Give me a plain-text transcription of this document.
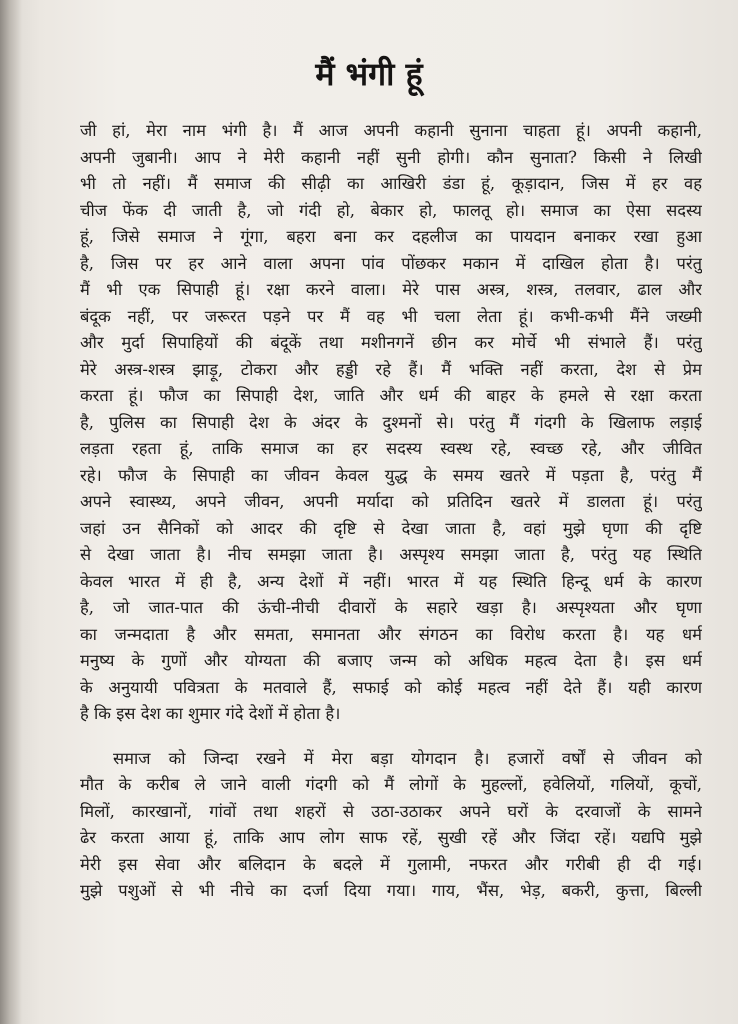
मैं भंगी हूं
जी हां, मेरा नाम भंगी है। मैं आज अपनी कहानी सुनाना चाहता हूं। अपनी कहानी,
अपनी जुबानी। आप ने मेरी कहानी नहीं सुनी होगी। कौन सुनाता? किसी ने लिखी
भी तो नहीं। मैं समाज की सीढ़ी का आखिरी डंडा हूं, कूड़ादान, जिस में हर वह
चीज फेंक दी जाती है, जो गंदी हो, बेकार हो, फालतू हो। समाज का ऐसा सदस्य
हूं, जिसे समाज ने गूंगा, बहरा बना कर दहलीज का पायदान बनाकर रखा हुआ
है, जिस पर हर आने वाला अपना पांव पोंछकर मकान में दाखिल होता है। परंतु
मैं भी एक सिपाही हूं। रक्षा करने वाला। मेरे पास अस्त्र, शस्त्र, तलवार, ढाल और
बंदूक नहीं, पर जरूरत पड़ने पर मैं वह भी चला लेता हूं। कभी-कभी मैंने जख्मी
और मुर्दा सिपाहियों की बंदूकें तथा मशीनगनें छीन कर मोर्चे भी संभाले हैं। परंतु
मेरे अस्त्र-शस्त्र झाड़ू, टोकरा और हड्डी रहे हैं। मैं भक्ति नहीं करता, देश से प्रेम
करता हूं। फौज का सिपाही देश, जाति और धर्म की बाहर के हमले से रक्षा करता
है, पुलिस का सिपाही देश के अंदर के दुश्मनों से। परंतु मैं गंदगी के खिलाफ लड़ाई
लड़ता रहता हूं, ताकि समाज का हर सदस्य स्वस्थ रहे, स्वच्छ रहे, और जीवित
रहे। फौज के सिपाही का जीवन केवल युद्ध के समय खतरे में पड़ता है, परंतु मैं
अपने स्वास्थ्य, अपने जीवन, अपनी मर्यादा को प्रतिदिन खतरे में डालता हूं। परंतु
जहां उन सैनिकों को आदर की दृष्टि से देखा जाता है, वहां मुझे घृणा की दृष्टि
से देखा जाता है। नीच समझा जाता है। अस्पृश्य समझा जाता है, परंतु यह स्थिति
केवल भारत में ही है, अन्य देशों में नहीं। भारत में यह स्थिति हिन्दू धर्म के कारण
है, जो जात-पात की ऊंची-नीची दीवारों के सहारे खड़ा है। अस्पृश्यता और घृणा
का जन्मदाता है और समता, समानता और संगठन का विरोध करता है। यह धर्म
मनुष्य के गुणों और योग्यता की बजाए जन्म को अधिक महत्व देता है। इस धर्म
के अनुयायी पवित्रता के मतवाले हैं, सफाई को कोई महत्व नहीं देते हैं। यही कारण
है कि इस देश का शुमार गंदे देशों में होता है।
  समाज को जिन्दा रखने में मेरा बड़ा योगदान है। हजारों वर्षों से जीवन को
मौत के करीब ले जाने वाली गंदगी को मैं लोगों के मुहल्लों, हवेलियों, गलियों, कूचों,
मिलों, कारखानों, गांवों तथा शहरों से उठा-उठाकर अपने घरों के दरवाजों के सामने
ढेर करता आया हूं, ताकि आप लोग साफ रहें, सुखी रहें और जिंदा रहें। यद्यपि मुझे
मेरी इस सेवा और बलिदान के बदले में गुलामी, नफरत और गरीबी ही दी गई।
मुझे पशुओं से भी नीचे का दर्जा दिया गया। गाय, भैंस, भेड़, बकरी, कुत्ता, बिल्ली
